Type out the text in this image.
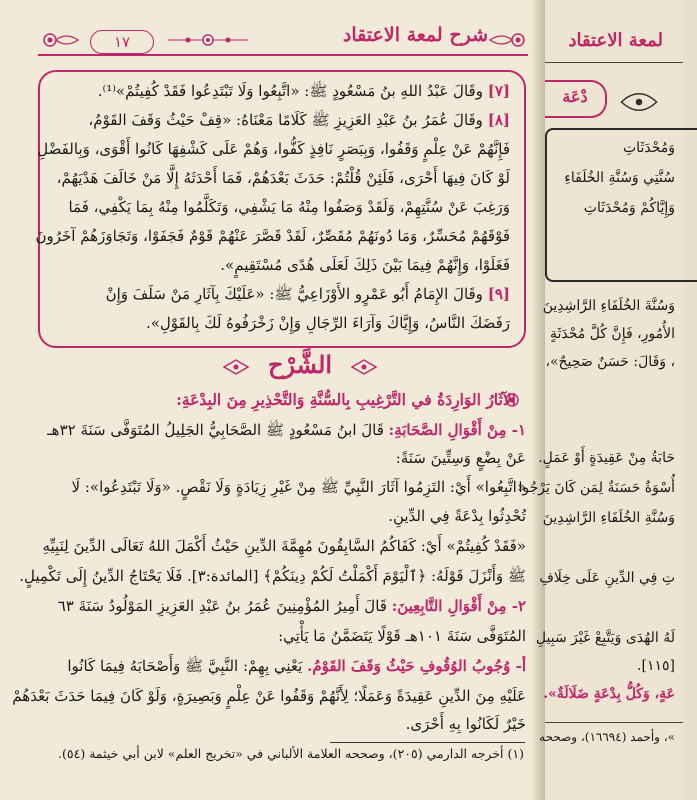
١٧	شرح لمعة الاعتقاد
[٧] وقَالَ عَبْدُ اللهِ بنُ مَسْعُودٍ ﷺ: «اتَّبِعُوا وَلَا تَبْتَدِعُوا فَقَدْ كُفِيتُمْ»⁽¹⁾.
[٨] وقَالَ عُمَرُ بنُ عَبْدِ العَزِيزِ ﷺ كَلَامًا مَعْنَاهُ: «قِفْ حَيْثُ وَقَفَ القَوْمُ،
فَإِنَّهُمْ عَنْ عِلْمٍ وَقَفُوا، وَبِبَصَرٍ نَافِذٍ كَفُّوا، وَهُمْ عَلَى كَشْفِهَا كَانُوا أَقْوَى، وَبِالفَضْلِ
لَوْ كَانَ فِيهَا أَحْرَى، فَلَئِنْ قُلْتُمْ: حَدَثَ بَعْدَهُمْ، فَمَا أَحْدَثَهُ إِلَّا مَنْ خَالَفَ هَدْيَهُمْ،
وَرَغِبَ عَنْ سُنَّتِهِمْ، وَلَقَدْ وَصَفُوا مِنْهُ مَا يَشْفِي، وَتَكَلَّمُوا مِنْهُ بِمَا يَكْفِي، فَمَا
فَوْقَهُمْ مُحَسِّرٌ، وَمَا دُونَهُمْ مُقَصِّرٌ، لَقَدْ قَصَّرَ عَنْهُمْ قَوْمٌ فَجَفَوْا، وَتَجَاوَزَهُمْ آخَرُونَ
فَغَلَوْا، وَإِنَّهُمْ فِيمَا بَيْنَ ذَلِكَ لَعَلَى هُدًى مُسْتَقِيمٍ».
[٩] وقَالَ الإِمَامُ أَبُو عَمْرٍو الأَوْزَاعِيُّ ﷺ: «عَلَيْكَ بِآثَارِ مَنْ سَلَفَ وَإِنْ
رَفَضَكَ النَّاسُ، وَإِيَّاكَ وَآرَاءَ الرِّجَالِ وَإِنْ زَخْرَفُوهُ لَكَ بِالقَوْلِ».
الشَّرْح
الآثَارُ الوَارِدَةُ في التَّرْغِيبِ بِالسُّنَّةِ وَالتَّحْذِيرِ مِنَ البِدْعَةِ:
١- مِنْ أَقْوَالِ الصَّحَابَةِ: قَالَ ابنُ مَسْعُودٍ ﷺ الصَّحَابِيُّ الجَلِيلُ المُتَوَفَّى سَنَةَ ٣٢هـ
عَنْ بِضْعٍ وَسِتِّينَ سَنَةً:
«اتَّبِعُوا» أَيْ: التَزِمُوا آثَارَ النَّبِيِّ ﷺ مِنْ غَيْرِ زِيَادَةٍ وَلَا نَقْصٍ. «وَلَا تَبْتَدِعُوا»: لَا
تُحْدِثُوا بِدْعَةً فِي الدِّينِ.
«فَقَدْ كُفِيتُمْ» أَيْ: كَفَاكُمُ السَّابِقُونَ مُهِمَّةَ الدِّينِ حَيْثُ أَكْمَلَ اللهُ تَعَالَى الدِّينَ لِنَبِيِّهِ
ﷺ وَأَنْزَلَ قَوْلَهُ: ﴿ٱلْيَوْمَ أَكْمَلْتُ لَكُمْ دِينَكُمْ﴾ [المائدة:٣]. فَلَا يَحْتَاجُ الدِّينُ إِلَى تَكْمِيلٍ.
٢- مِنْ أَقْوَالِ التَّابِعِينَ: قَالَ أَمِيرُ المُؤْمِنِينَ عُمَرُ بنُ عَبْدِ العَزِيزِ المَوْلُودُ سَنَةَ ٦٣
المُتَوَفَّى سَنَةَ ١٠١هـ قَوْلًا يَتَضَمَّنُ مَا يَأْتِي:
أ- وُجُوبُ الوُقُوفِ حَيْثُ وَقَفَ القَوْمُ. يَعْنِي بِهِمْ: النَّبِيَّ ﷺ وَأَصْحَابَهُ فِيمَا كَانُوا
عَلَيْهِ مِنَ الدِّينِ عَقِيدَةً وَعَمَلًا؛ لِأَنَّهُمْ وَقَفُوا عَنْ عِلْمٍ وَبَصِيرَةٍ، وَلَوْ كَانَ فِيمَا حَدَثَ بَعْدَهُمْ
خَيْرٌ لَكَانُوا بِهِ أَحْرَى.
(١) أخرجه الدارمي (٢٠٥)، وصححه العلامة الألباني في «تخريج العلم» لابن أبي خيثمة (٥٤).
لمعة الاعتقاد
دْعَة
وَمُحْدَثَاتِ
سُنَّتِي وَسُنَّةِ الخُلَفَاءِ
وَإِيَّاكُمْ وَمُحْدَثَاتِ
وَسُنَّةَ الخُلَفَاءِ الرَّاشِدِينَ
الأُمُورِ، فَإِنَّ كُلَّ مُحْدَثَةٍ
، وَقَالَ: حَسَنٌ صَحِيحٌ»،
حَابَةُ مِنْ عَقِيدَةٍ أَوْ عَمَلٍ.
أُسْوَةٌ حَسَنَةٌ لِمَن كَانَ يَرْجُوا
وَسُنَّةِ الخُلَفَاءِ الرَّاشِدِينَ
تِ فِي الدِّينِ عَلَى خِلَافِ
لَهُ الهُدَى وَيَتَّبِعْ غَيْرَ سَبِيلِ
[١١٥].
عَةٍ، وَكُلُّ بِدْعَةٍ ضَلَالَةٌ».
»، وأحمد (١٦٦٩٤)، وصححه
